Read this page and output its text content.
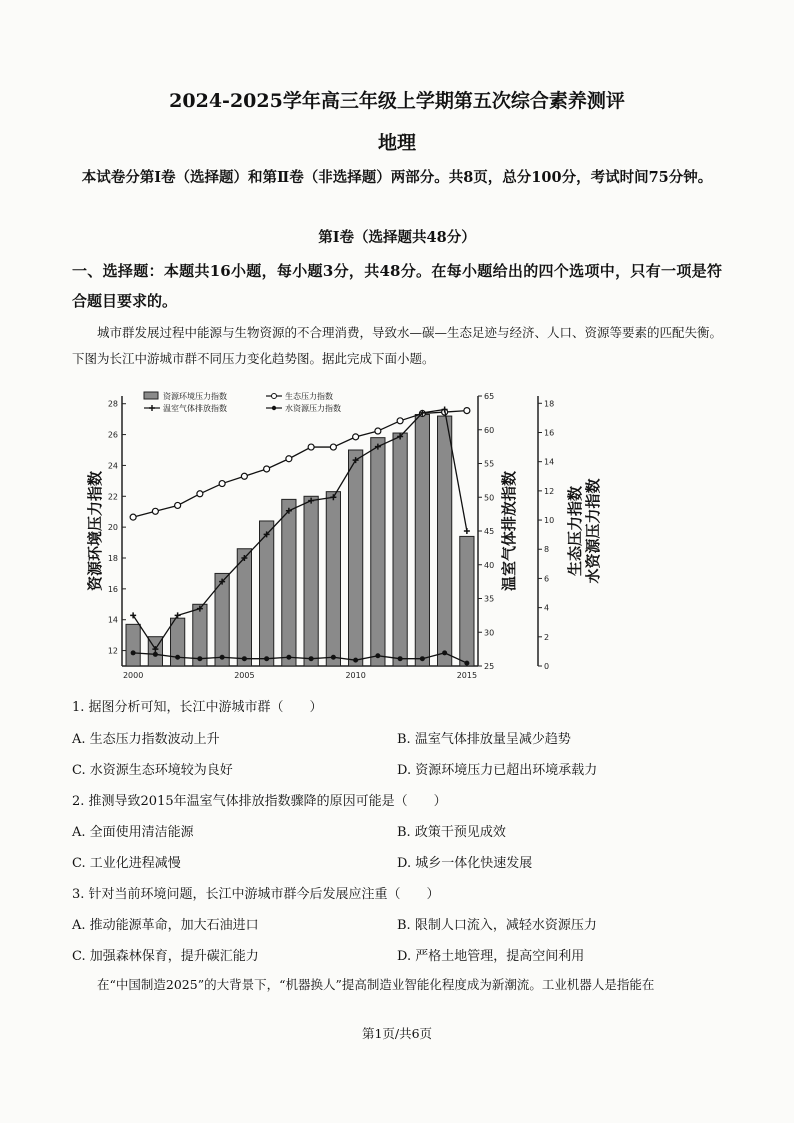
2024-2025学年高三年级上学期第五次综合素养测评
地理
本试卷分第Ⅰ卷（选择题）和第Ⅱ卷（非选择题）两部分。共8页，总分100分，考试时间75分钟。
第Ⅰ卷（选择题共48分）
一、选择题：本题共16小题，每小题3分，共48分。在每小题给出的四个选项中，只有一项是符合题目要求的。
城市群发展过程中能源与生物资源的不合理消费，导致水—碳—生态足迹与经济、人口、资源等要素的匹配失衡。下图为长江中游城市群不同压力变化趋势图。据此完成下面小题。
12
14
16
18
20
22
24
26
28
25
30
35
40
45
50
55
60
65
0
2
4
6
8
10
12
14
16
18
2000	2005	2010	2015
资源环境压力指数	温室气体排放指数	生态压力指数 水资源压力指数
资源环境压力指数	生态压力指数
温室气体排放指数	水资源压力指数
1. 据图分析可知，长江中游城市群（　　）
A. 生态压力指数波动上升	B. 温室气体排放量呈减少趋势
C. 水资源生态环境较为良好	D. 资源环境压力已超出环境承载力
2. 推测导致2015年温室气体排放指数骤降的原因可能是（　　）
A. 全面使用清洁能源	B. 政策干预见成效
C. 工业化进程减慢	D. 城乡一体化快速发展
3. 针对当前环境问题，长江中游城市群今后发展应注重（　　）
A. 推动能源革命，加大石油进口	B. 限制人口流入，减轻水资源压力
C. 加强森林保育，提升碳汇能力	D. 严格土地管理，提高空间利用
在“中国制造2025”的大背景下，“机器换人”提高制造业智能化程度成为新潮流。工业机器人是指能在
第1页/共6页
